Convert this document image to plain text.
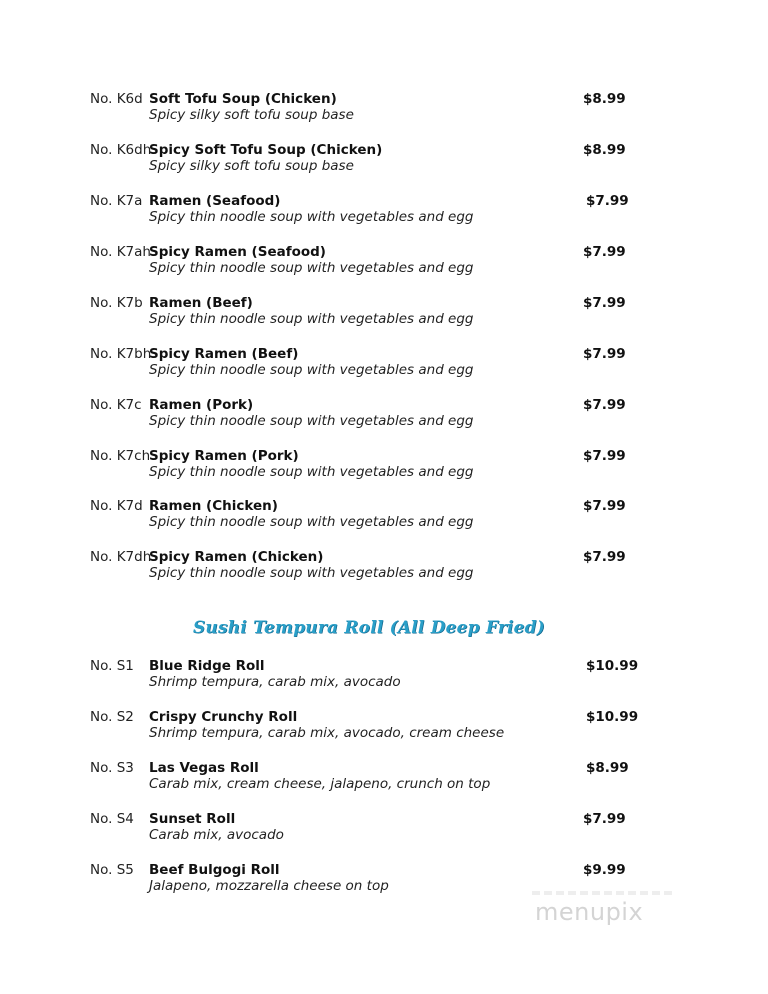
No. K6d Soft Tofu Soup (Chicken)
Spicy silky soft tofu soup base
$8.99
No. K6dh
Spicy Soft Tofu Soup (Chicken)
Spicy silky soft tofu soup base
$8.99
No. K7a Ramen (Seafood)
Spicy thin noodle soup with vegetables and egg
$7.99
No. K7ah
Spicy Ramen (Seafood)
Spicy thin noodle soup with vegetables and egg
$7.99
No. K7b Ramen (Beef)
Spicy thin noodle soup with vegetables and egg
$7.99
No. K7bh
Spicy Ramen (Beef)
Spicy thin noodle soup with vegetables and egg
$7.99
No. K7c Ramen (Pork)
Spicy thin noodle soup with vegetables and egg
$7.99
No. K7ch
Spicy Ramen (Pork)
Spicy thin noodle soup with vegetables and egg
$7.99
No. K7d Ramen (Chicken)
Spicy thin noodle soup with vegetables and egg
$7.99
No. K7dh
Spicy Ramen (Chicken)
Spicy thin noodle soup with vegetables and egg
$7.99
Sushi Tempura Roll (All Deep Fried)
No. S1 Blue Ridge Roll
Shrimp tempura, carab mix, avocado
$10.99
No. S2 Crispy Crunchy Roll
Shrimp tempura, carab mix, avocado, cream cheese
$10.99
No. S3 Las Vegas Roll
Carab mix, cream cheese, jalapeno, crunch on top
$8.99
No. S4 Sunset Roll
Carab mix, avocado
$7.99
No. S5 Beef Bulgogi Roll
Jalapeno, mozzarella cheese on top
$9.99
menupix
